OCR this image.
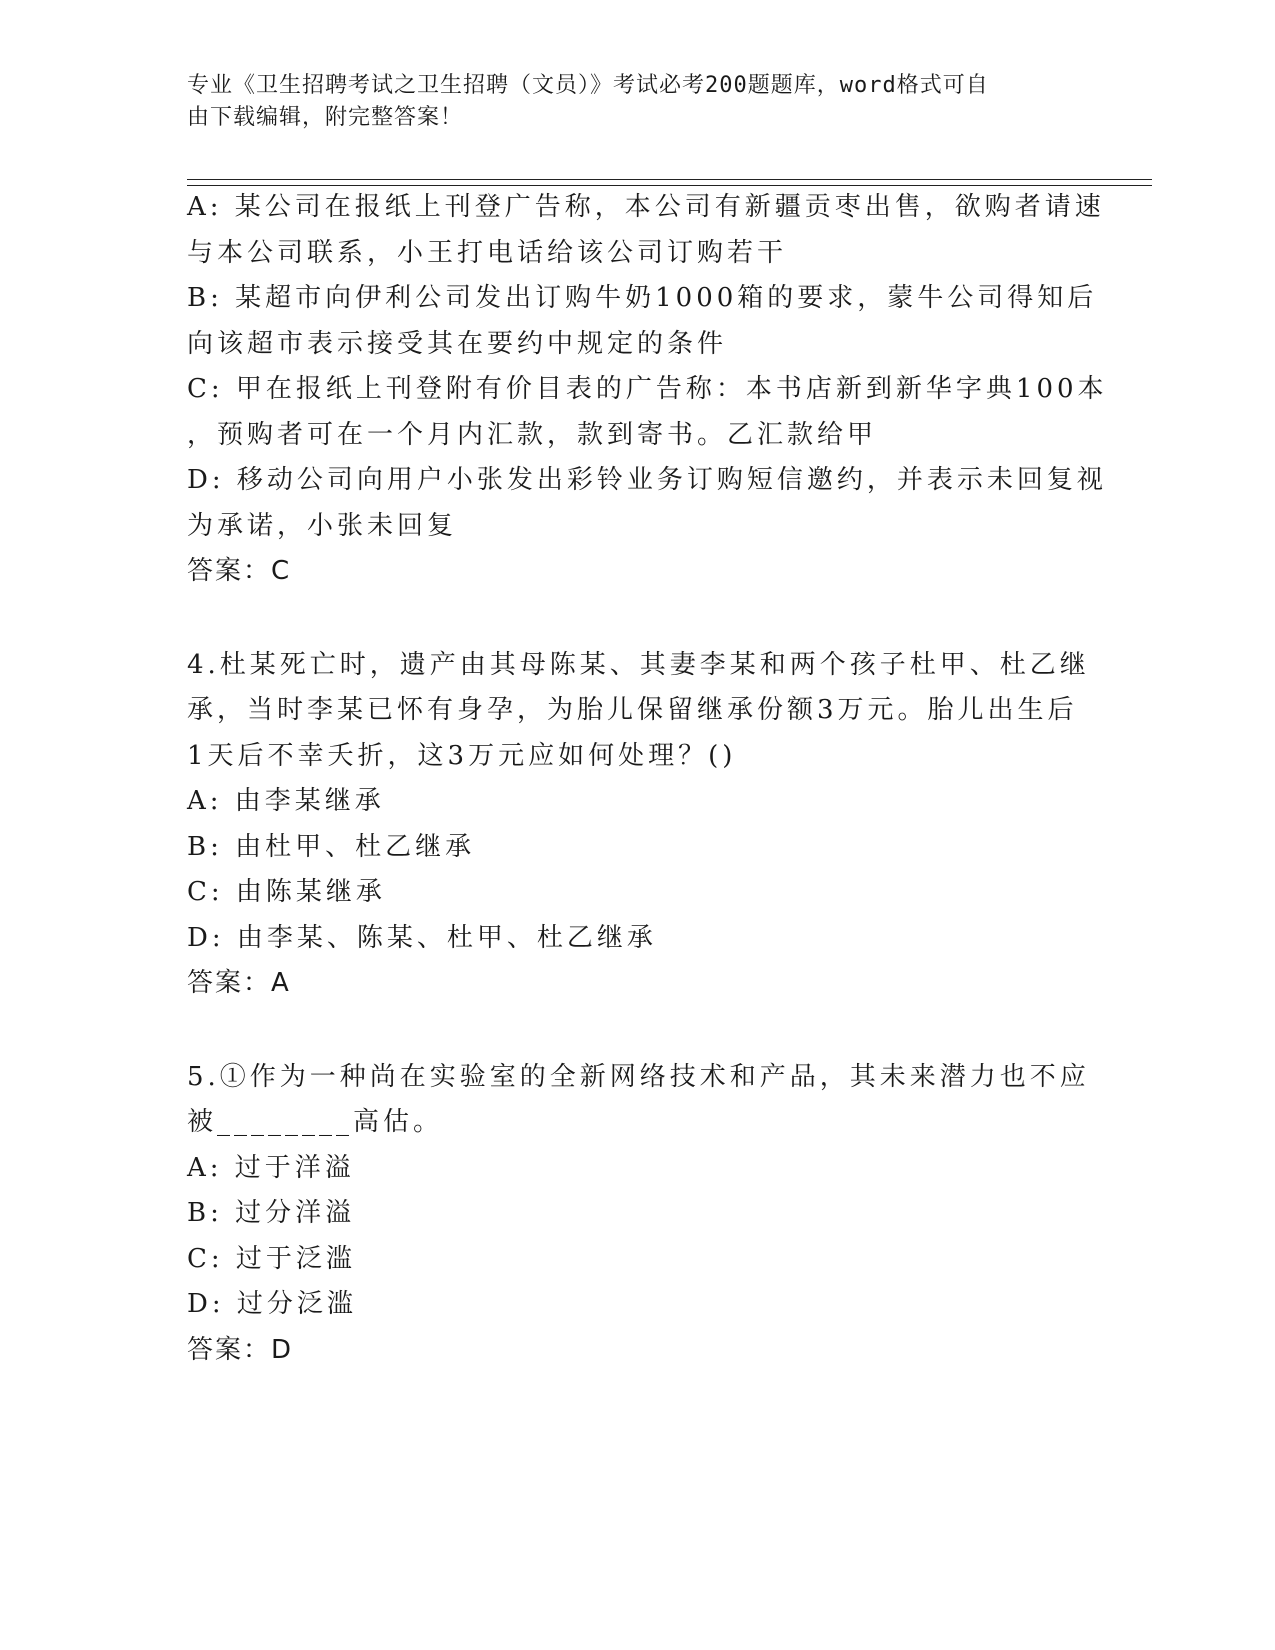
专业《卫生招聘考试之卫生招聘（文员）》考试必考200题题库，word格式可自
由下载编辑，附完整答案！
A: 某公司在报纸上刊登广告称，本公司有新疆贡枣出售，欲购者请速
与本公司联系，小王打电话给该公司订购若干
B: 某超市向伊利公司发出订购牛奶1000箱的要求，蒙牛公司得知后
向该超市表示接受其在要约中规定的条件
C: 甲在报纸上刊登附有价目表的广告称：本书店新到新华字典100本
，预购者可在一个月内汇款，款到寄书。乙汇款给甲
D: 移动公司向用户小张发出彩铃业务订购短信邀约，并表示未回复视
为承诺，小张未回复
答案：C
4.杜某死亡时，遗产由其母陈某、其妻李某和两个孩子杜甲、杜乙继
承，当时李某已怀有身孕，为胎儿保留继承份额3万元。胎儿出生后
1天后不幸夭折，这3万元应如何处理？()
A: 由李某继承
B: 由杜甲、杜乙继承
C: 由陈某继承
D: 由李某、陈某、杜甲、杜乙继承
答案：A
5.①作为一种尚在实验室的全新网络技术和产品，其未来潜力也不应
被________高估。
A: 过于洋溢
B: 过分洋溢
C: 过于泛滥
D: 过分泛滥
答案：D
